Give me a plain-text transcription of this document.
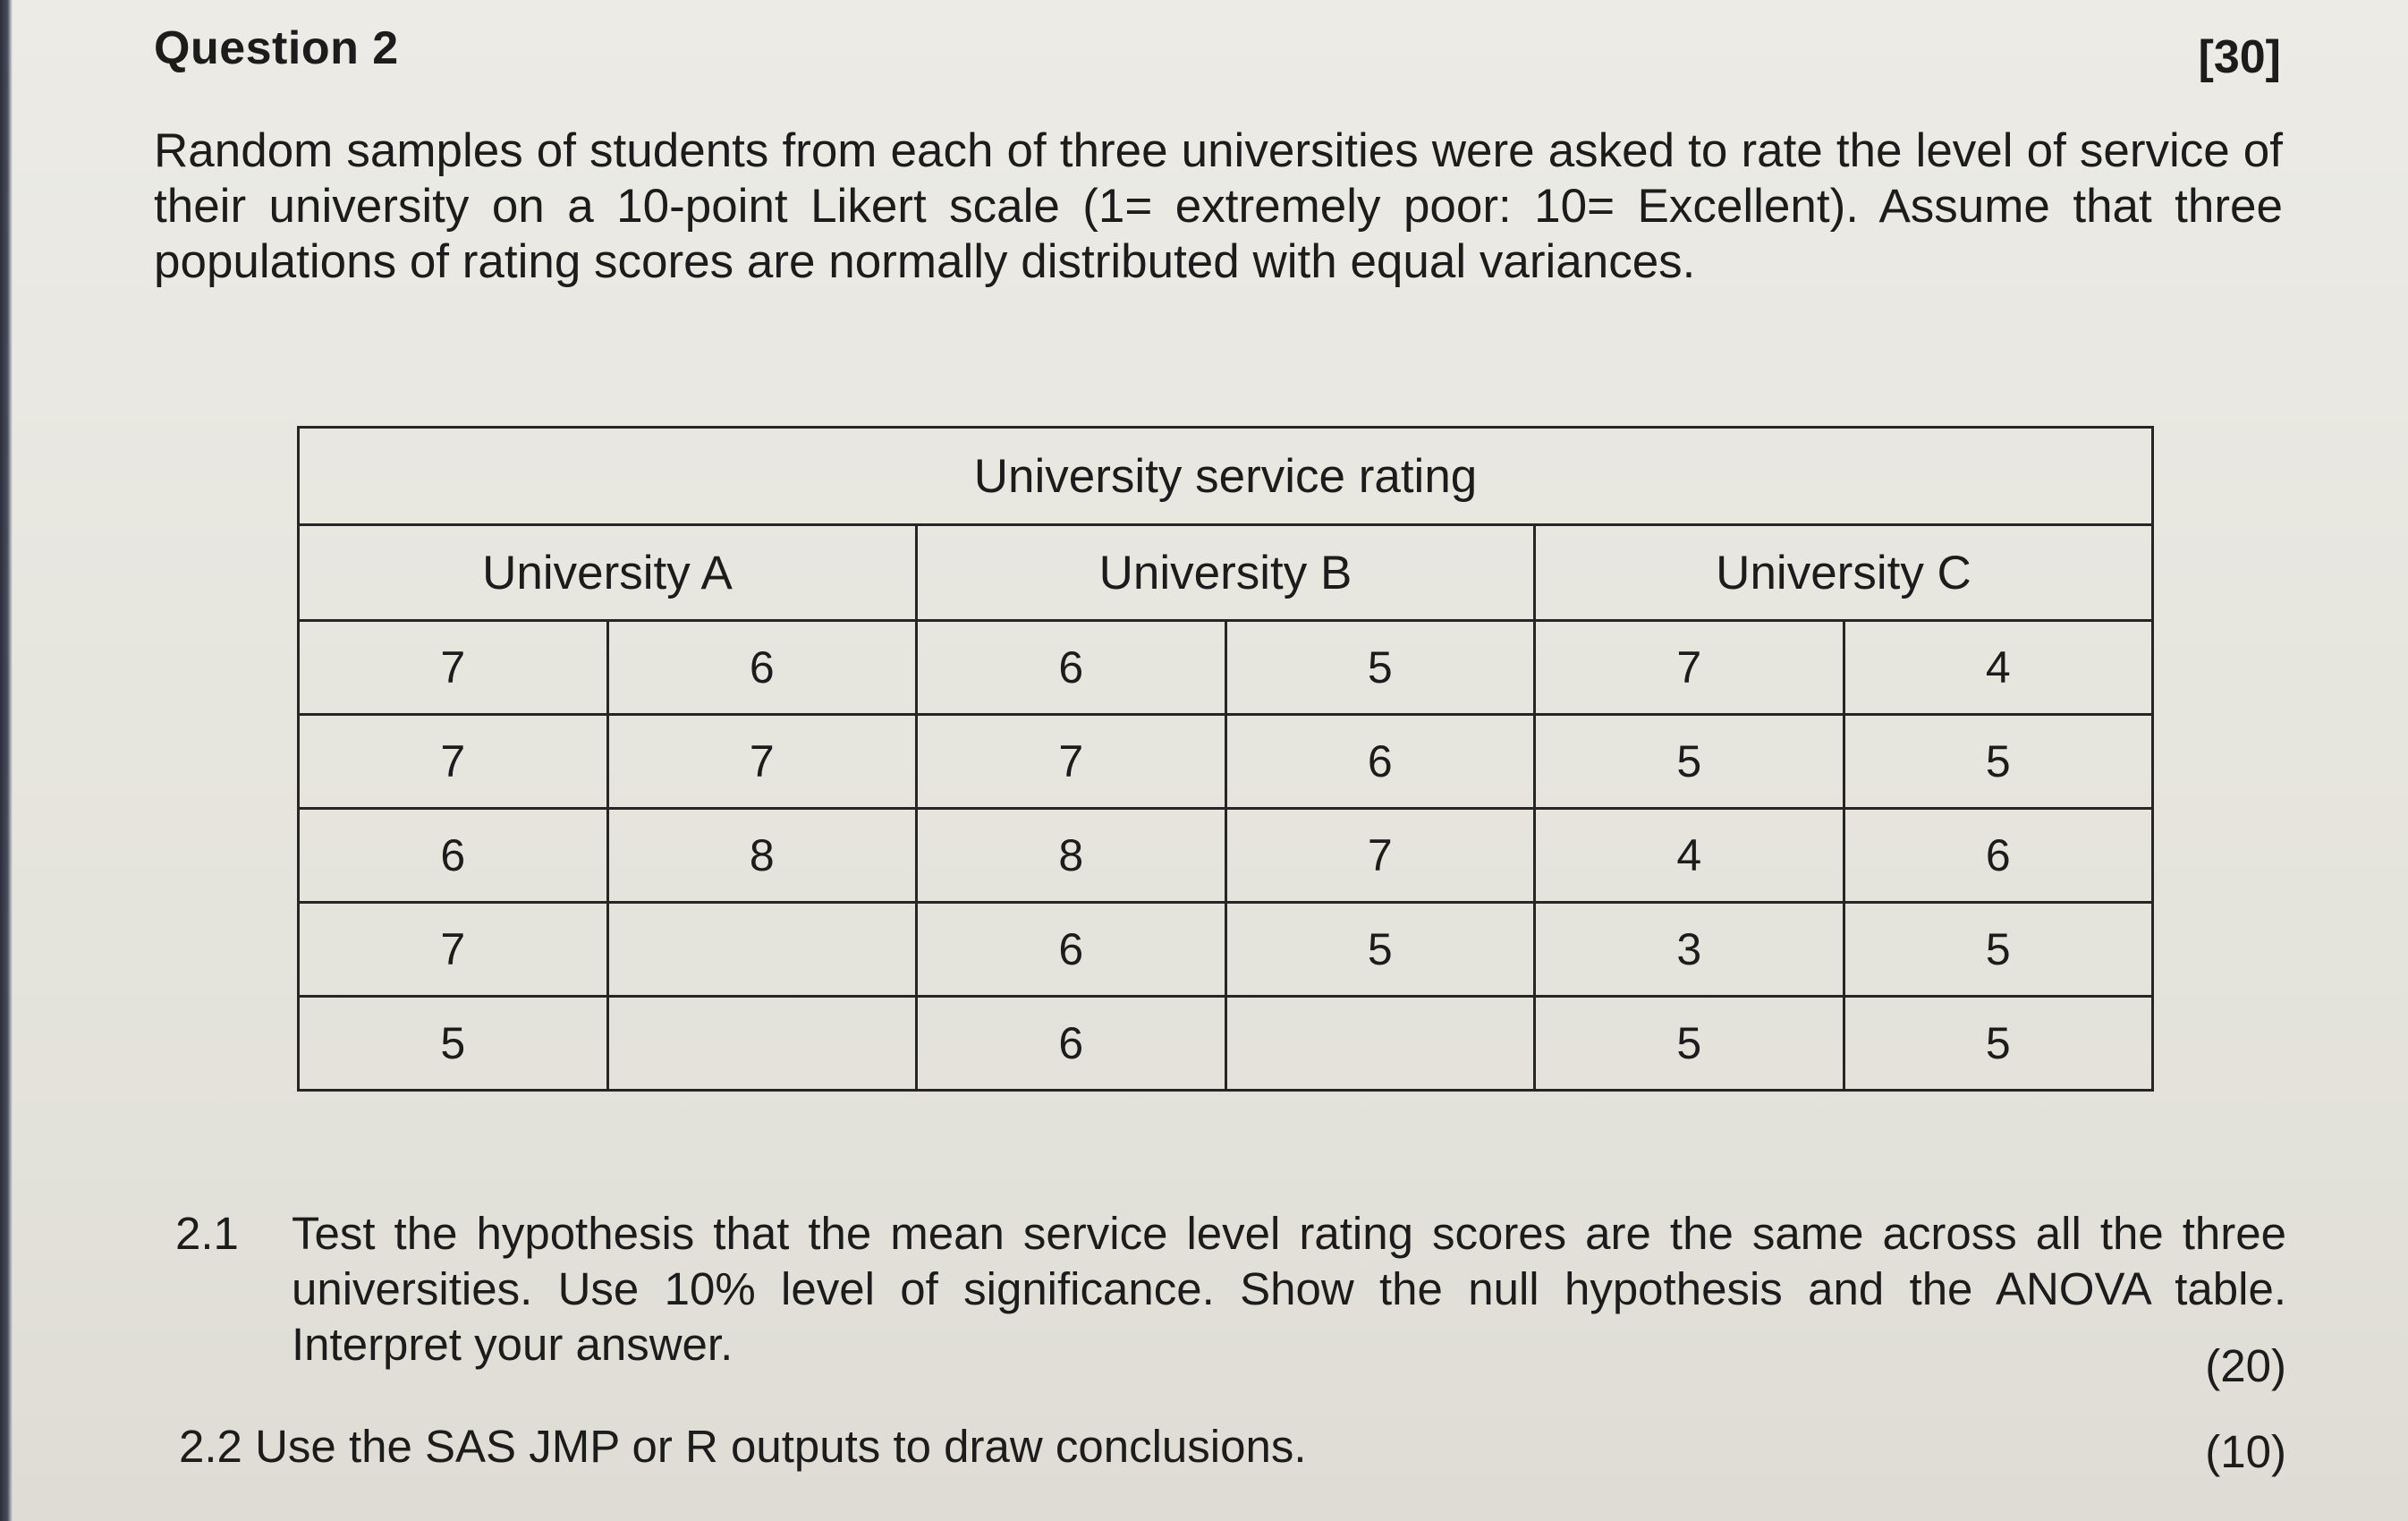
Question 2	[30]
Random samples of students from each of three universities were asked to rate the level of service of their university on a 10-point Likert scale (1= extremely poor: 10= Excellent). Assume that three populations of rating scores are normally distributed with equal variances.
University service rating					
University A		University B		University C	
7	6	6	5	7	4
7	7	7	6	5	5
6	8	8	7	4	6
7		6	5	3	5
5		6		5	5
2.1 Test the hypothesis that the mean service level rating scores are the same across all the three universities. Use 10% level of significance. Show the null hypothesis and the ANOVA table. Interpret your answer.	(20)
2.2 Use the SAS JMP or R outputs to draw conclusions.	(10)
